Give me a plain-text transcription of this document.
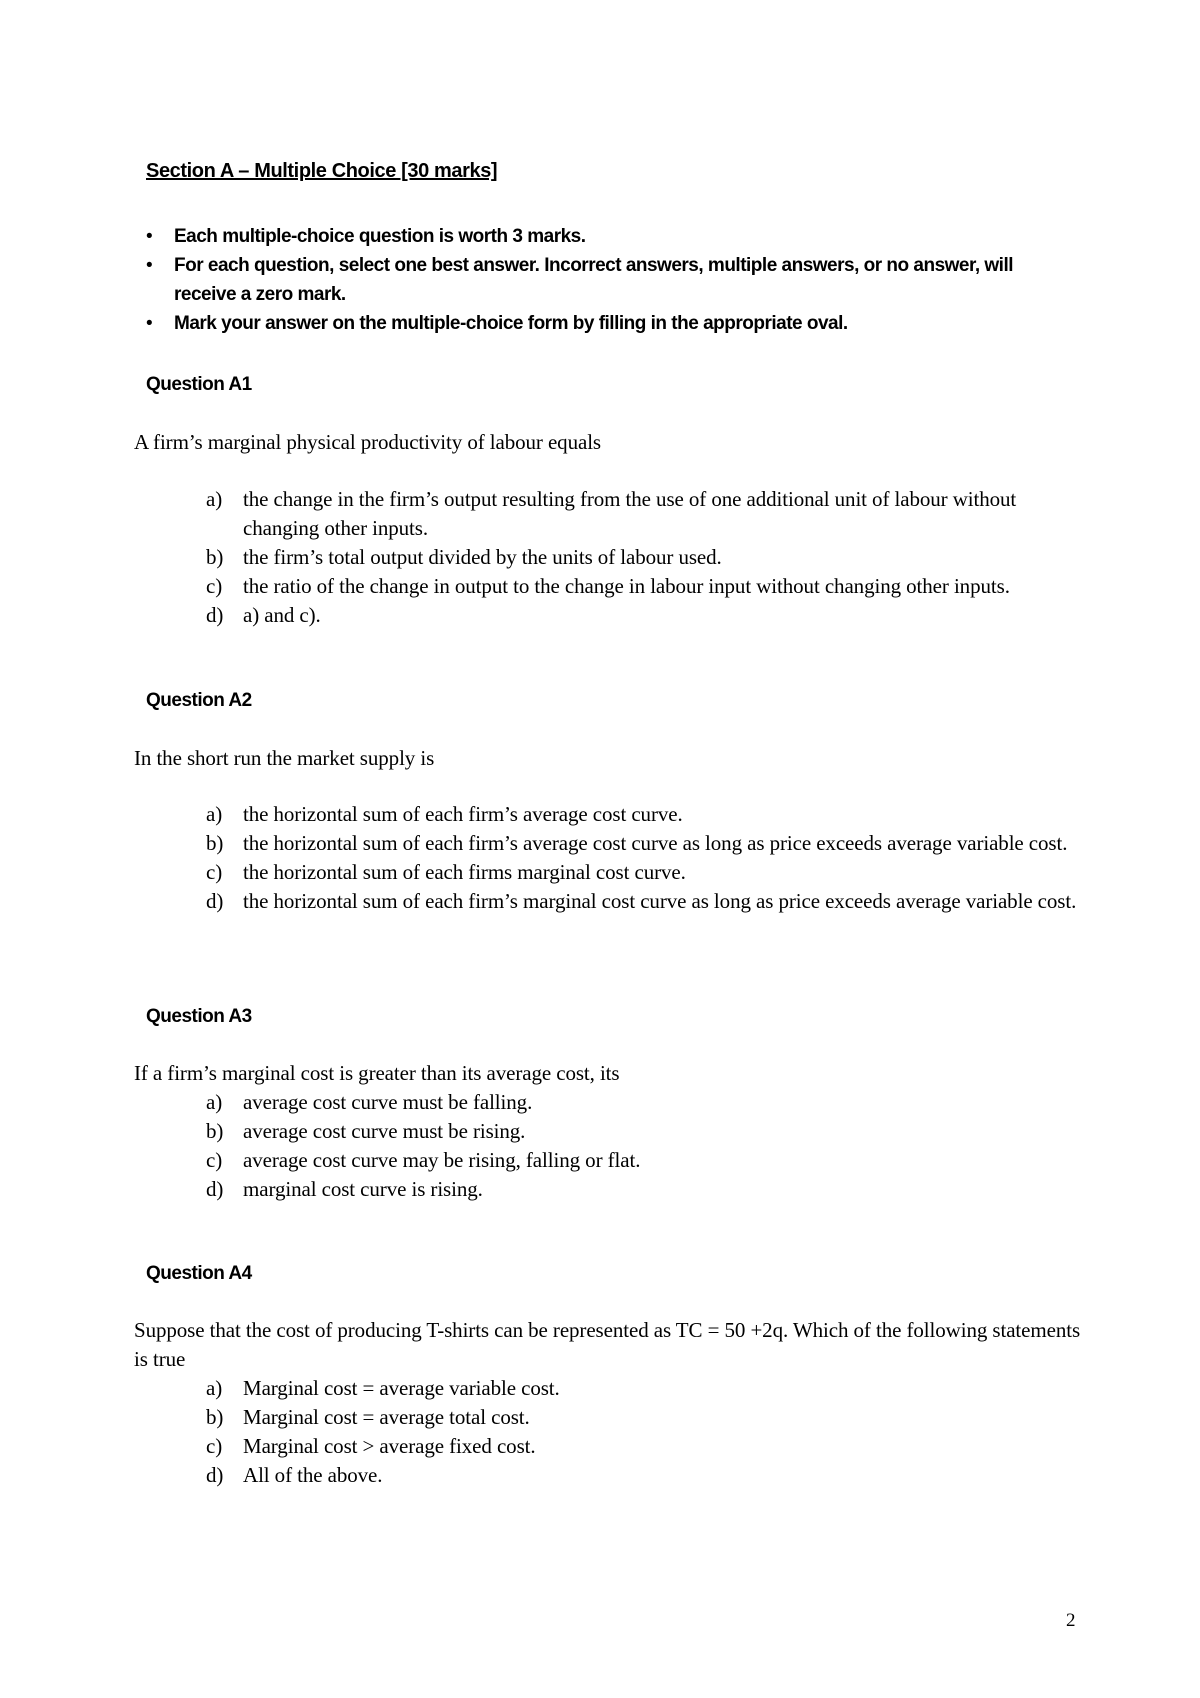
Section A – Multiple Choice [30 marks]
• Each multiple-choice question is worth 3 marks.
• For each question, select one best answer. Incorrect answers, multiple answers, or no answer, will receive a zero mark.
• Mark your answer on the multiple-choice form by filling in the appropriate oval.
Question A1
A firm’s marginal physical productivity of labour equals
a) the change in the firm’s output resulting from the use of one additional unit of labour without changing other inputs.
b) the firm’s total output divided by the units of labour used.
c) the ratio of the change in output to the change in labour input without changing other inputs.
d) a) and c).
Question A2
In the short run the market supply is
a) the horizontal sum of each firm’s average cost curve.
b) the horizontal sum of each firm’s average cost curve as long as price exceeds average variable cost.
c) the horizontal sum of each firms marginal cost curve.
d) the horizontal sum of each firm’s marginal cost curve as long as price exceeds average variable cost.
Question A3
If a firm’s marginal cost is greater than its average cost, its
a) average cost curve must be falling.
b) average cost curve must be rising.
c) average cost curve may be rising, falling or flat.
d) marginal cost curve is rising.
Question A4
Suppose that the cost of producing T-shirts can be represented as TC = 50 +2q. Which of the following statements is true
a) Marginal cost = average variable cost.
b) Marginal cost = average total cost.
c) Marginal cost > average fixed cost.
d) All of the above.
2
